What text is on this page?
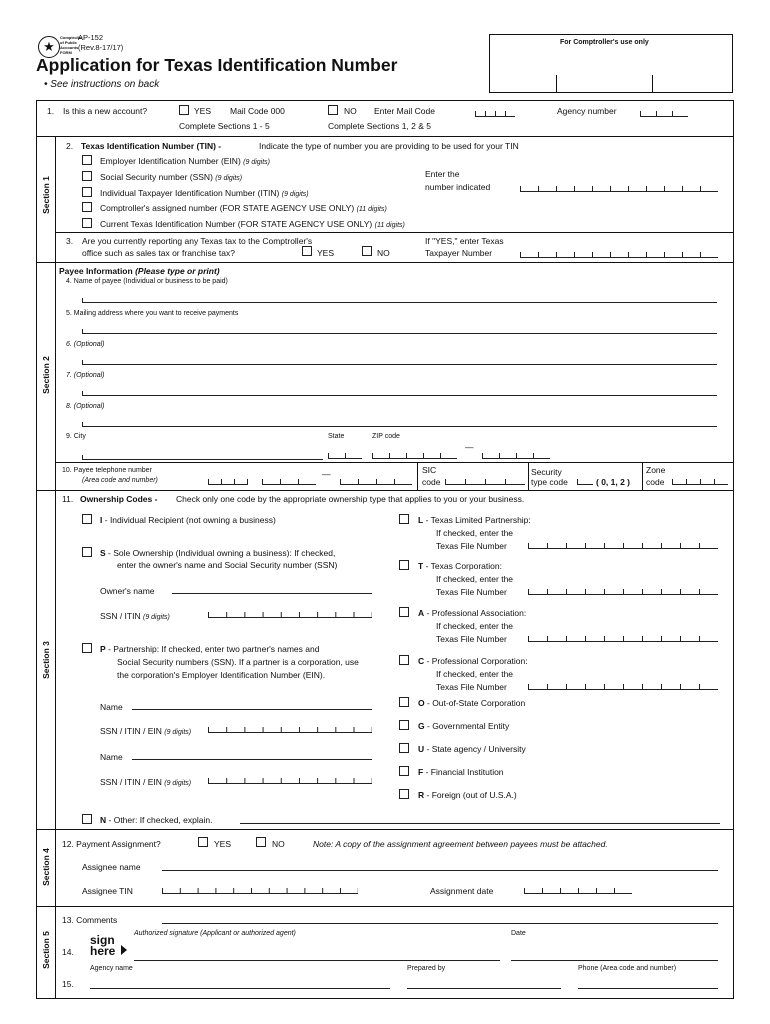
★
Comptroller
of Public
Accounts
FORM
AP-152
(Rev.8-17/17)
Application for Texas Identification Number
• See instructions on back
For Comptroller's use only
Section 1
Section 2
Section 3
Section 4
Section 5
1. Is this a new account?	YES Mail Code 000
Complete Sections 1 - 5
NO Enter Mail Code
Complete Sections 1, 2 & 5
Agency number
2. Texas Identification Number (TIN) -	Indicate the type of number you are providing to be used for your TIN
Employer Identification Number (EIN) (9 digits)
Social Security number (SSN) (9 digits)
Individual Taxpayer Identification Number (ITIN) (9 digits)
Comptroller's assigned number (FOR STATE AGENCY USE ONLY) (11 digits)
Current Texas Identification Number (FOR STATE AGENCY USE ONLY) (11 digits)
Enter the
number indicated
3. Are you currently reporting any Texas tax to the Comptroller's
office such as sales tax or franchise tax?	YES	NO
If "YES," enter Texas
Taxpayer Number
Payee Information (Please type or print)
4. Name of payee (Individual or business to be paid)
5. Mailing address where you want to receive payments
6. (Optional)
7. (Optional)
8. (Optional)
9. City	State	ZIP code
—
10. Payee telephone number
(Area code and number)
—	SIC
code
Security
type code	( 0, 1, 2 )
Zone
code
11. Ownership Codes - Check only one code by the appropriate ownership type that applies to you or your business.
I - Individual Recipient (not owning a business)
S - Sole Ownership (Individual owning a business): If checked,
enter the owner's name and Social Security number (SSN)
Owner's name
SSN / ITIN (9 digits)
P - Partnership: If checked, enter two partner's names and
Social Security numbers (SSN). If a partner is a corporation, use
the corporation's Employer Identification Number (EIN).
Name
SSN / ITIN / EIN (9 digits)
Name
SSN / ITIN / EIN (9 digits)
N - Other: If checked, explain.
L - Texas Limited Partnership:
If checked, enter the
Texas File Number
T - Texas Corporation:
If checked, enter the
Texas File Number
A - Professional Association:
If checked, enter the
Texas File Number
C - Professional Corporation:
If checked, enter the
Texas File Number
O - Out-of-State Corporation
G - Governmental Entity
U - State agency / University
F - Financial Institution
R - Foreign (out of U.S.A.)
12. Payment Assignment?	YES	NO	Note: A copy of the assignment agreement between payees must be attached.
Assignee name
Assignee TIN	Assignment date
13. Comments
14.
sign
here
Authorized signature (Applicant or authorized agent)	Date
Agency name	Prepared by	Phone (Area code and number)
15.
